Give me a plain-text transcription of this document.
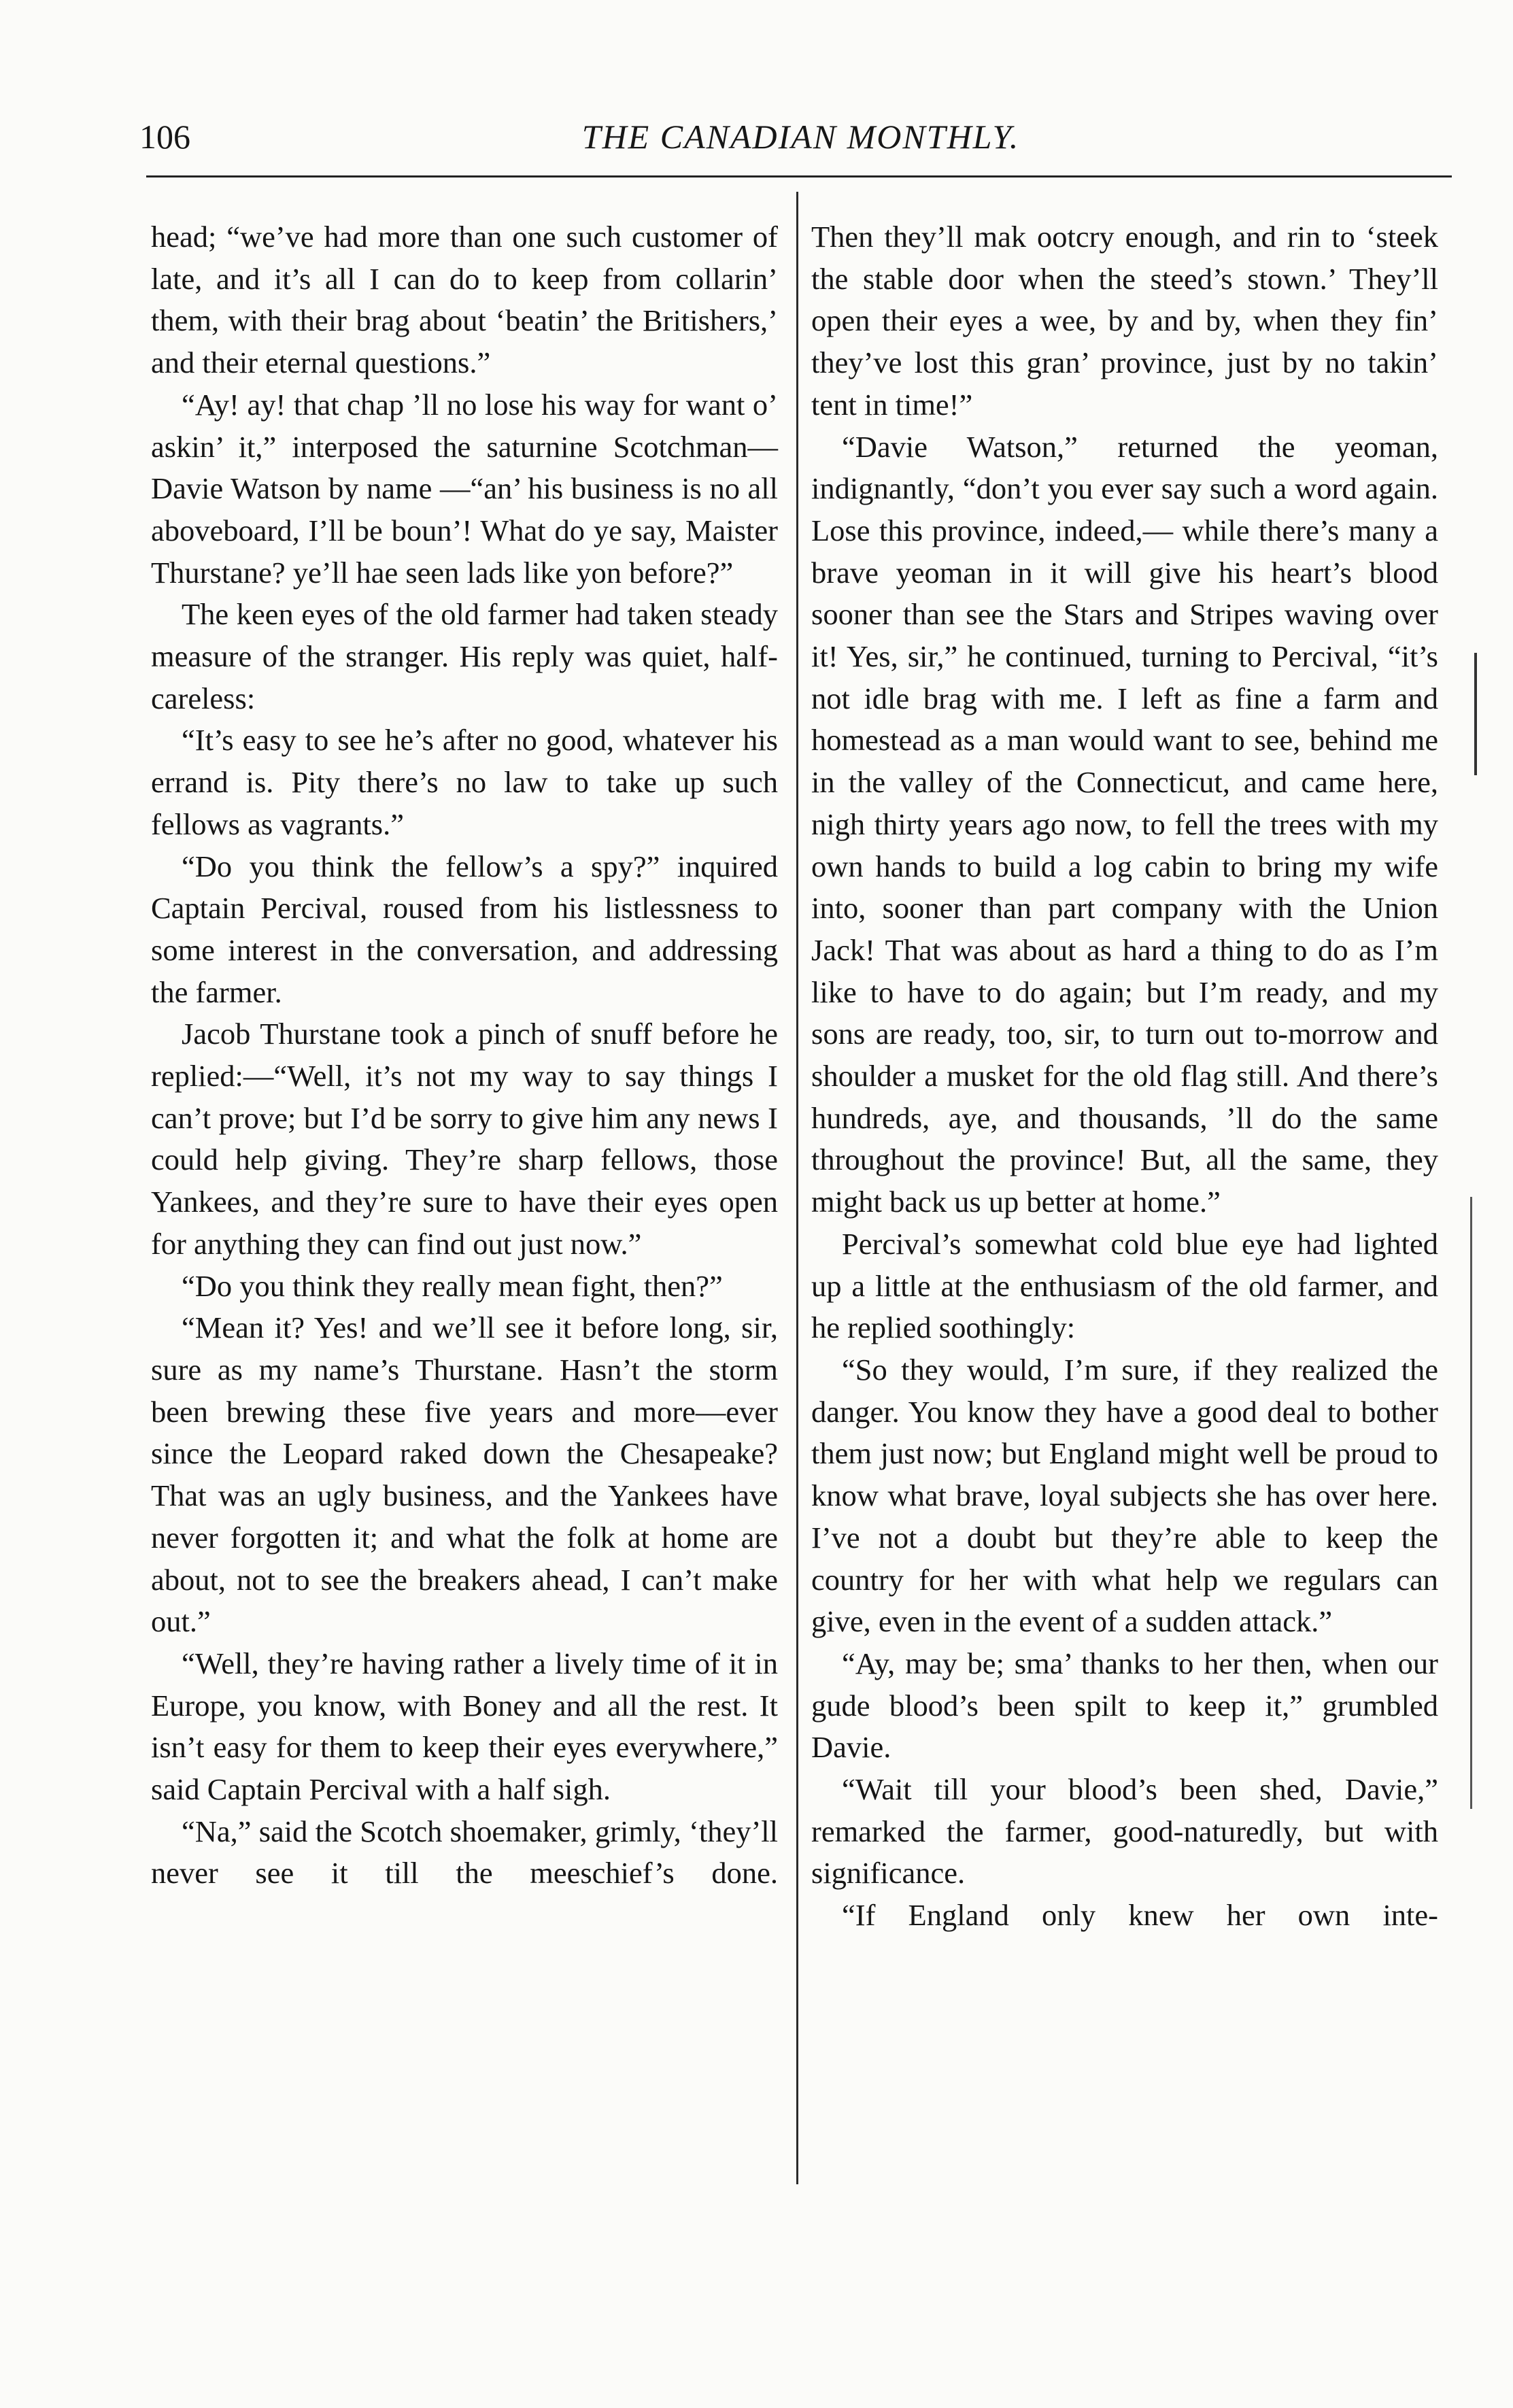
106	THE CANADIAN MONTHLY.

head; “we’ve had more than one such customer of late, and it’s all I can do to keep from collarin’ them, with their brag about ‘beatin’ the Britishers,’ and their eternal questions.”

“Ay! ay! that chap ’ll no lose his way for want o’ askin’ it,” interposed the saturnine Scotchman—Davie Watson by name —“an’ his business is no all aboveboard, I’ll be boun’! What do ye say, Maister Thurstane? ye’ll hae seen lads like yon before?”

The keen eyes of the old farmer had taken steady measure of the stranger. His reply was quiet, half-careless:

“It’s easy to see he’s after no good, whatever his errand is. Pity there’s no law to take up such fellows as vagrants.”

“Do you think the fellow’s a spy?” inquired Captain Percival, roused from his listlessness to some interest in the conversation, and addressing the farmer.

Jacob Thurstane took a pinch of snuff before he replied:—“Well, it’s not my way to say things I can’t prove; but I’d be sorry to give him any news I could help giving. They’re sharp fellows, those Yankees, and they’re sure to have their eyes open for anything they can find out just now.”

“Do you think they really mean fight, then?”

“Mean it? Yes! and we’ll see it before long, sir, sure as my name’s Thurstane. Hasn’t the storm been brewing these five years and more—ever since the Leopard raked down the Chesapeake? That was an ugly business, and the Yankees have never forgotten it; and what the folk at home are about, not to see the breakers ahead, I can’t make out.”

“Well, they’re having rather a lively time of it in Europe, you know, with Boney and all the rest. It isn’t easy for them to keep their eyes everywhere,” said Captain Percival with a half sigh.

“Na,” said the Scotch shoemaker, grimly, ‘they’ll never see it till the meeschief’s done.

Then they’ll mak ootcry enough, and rin to ‘steek the stable door when the steed’s stown.’ They’ll open their eyes a wee, by and by, when they fin’ they’ve lost this gran’ province, just by no takin’ tent in time!”

“Davie Watson,” returned the yeoman, indignantly, “don’t you ever say such a word again. Lose this province, indeed,— while there’s many a brave yeoman in it will give his heart’s blood sooner than see the Stars and Stripes waving over it! Yes, sir,” he continued, turning to Percival, “it’s not idle brag with me. I left as fine a farm and homestead as a man would want to see, behind me in the valley of the Connecticut, and came here, nigh thirty years ago now, to fell the trees with my own hands to build a log cabin to bring my wife into, sooner than part company with the Union Jack! That was about as hard a thing to do as I’m like to have to do again; but I’m ready, and my sons are ready, too, sir, to turn out to-morrow and shoulder a musket for the old flag still. And there’s hundreds, aye, and thousands, ’ll do the same throughout the province! But, all the same, they might back us up better at home.”

Percival’s somewhat cold blue eye had lighted up a little at the enthusiasm of the old farmer, and he replied soothingly:

“So they would, I’m sure, if they realized the danger. You know they have a good deal to bother them just now; but England might well be proud to know what brave, loyal subjects she has over here. I’ve not a doubt but they’re able to keep the country for her with what help we regulars can give, even in the event of a sudden attack.”

“Ay, may be; sma’ thanks to her then, when our gude blood’s been spilt to keep it,” grumbled Davie.

“Wait till your blood’s been shed, Davie,” remarked the farmer, good-naturedly, but with significance.

“If England only knew her own inte-
